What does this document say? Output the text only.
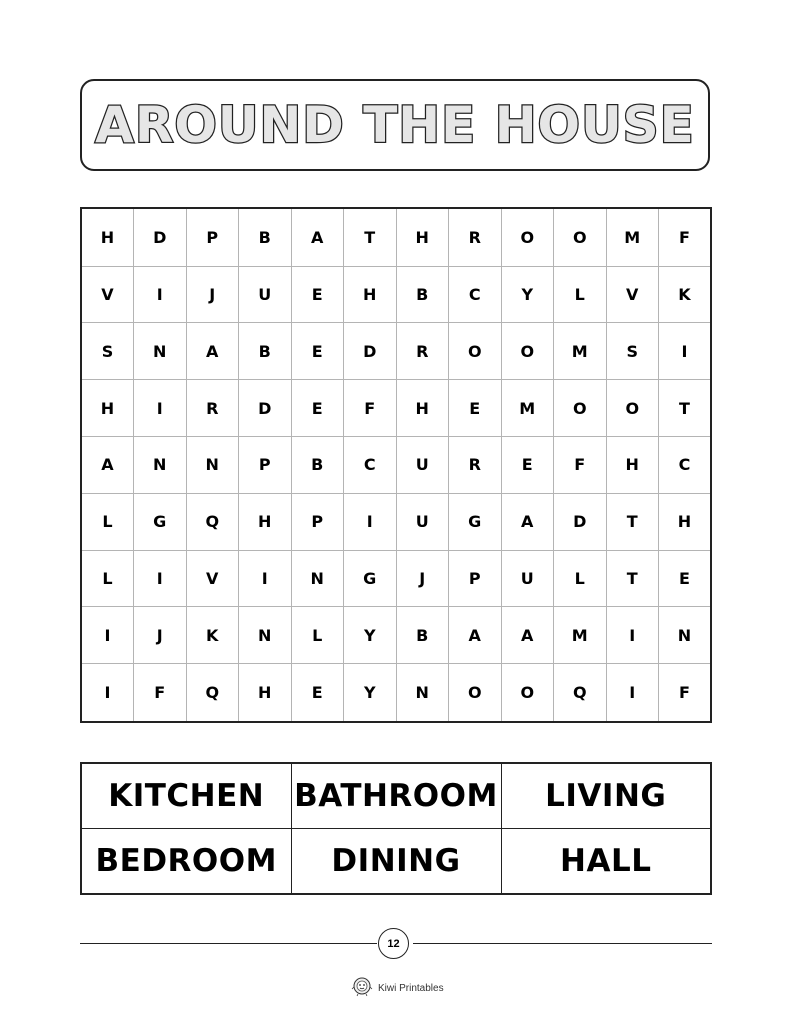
AROUND THE HOUSE
H	D	P	B	A	T	H	R	O	O	M	F
V	I	J	U	E	H	B	C	Y	L	V	K
S	N	A	B	E	D	R	O	O	M	S	I
H	I	R	D	E	F	H	E	M	O	O	T
A	N	N	P	B	C	U	R	E	F	H	C
L	G	Q	H	P	I	U	G	A	D	T	H
L	I	V	I	N	G	J	P	U	L	T	E
I	J	K	N	L	Y	B	A	A	M	I	N
I	F	Q	H	E	Y	N	O	O	Q	I	F
KITCHEN	BATHROOM	LIVING
BEDROOM	DINING	HALL
12
Kiwi Printables
